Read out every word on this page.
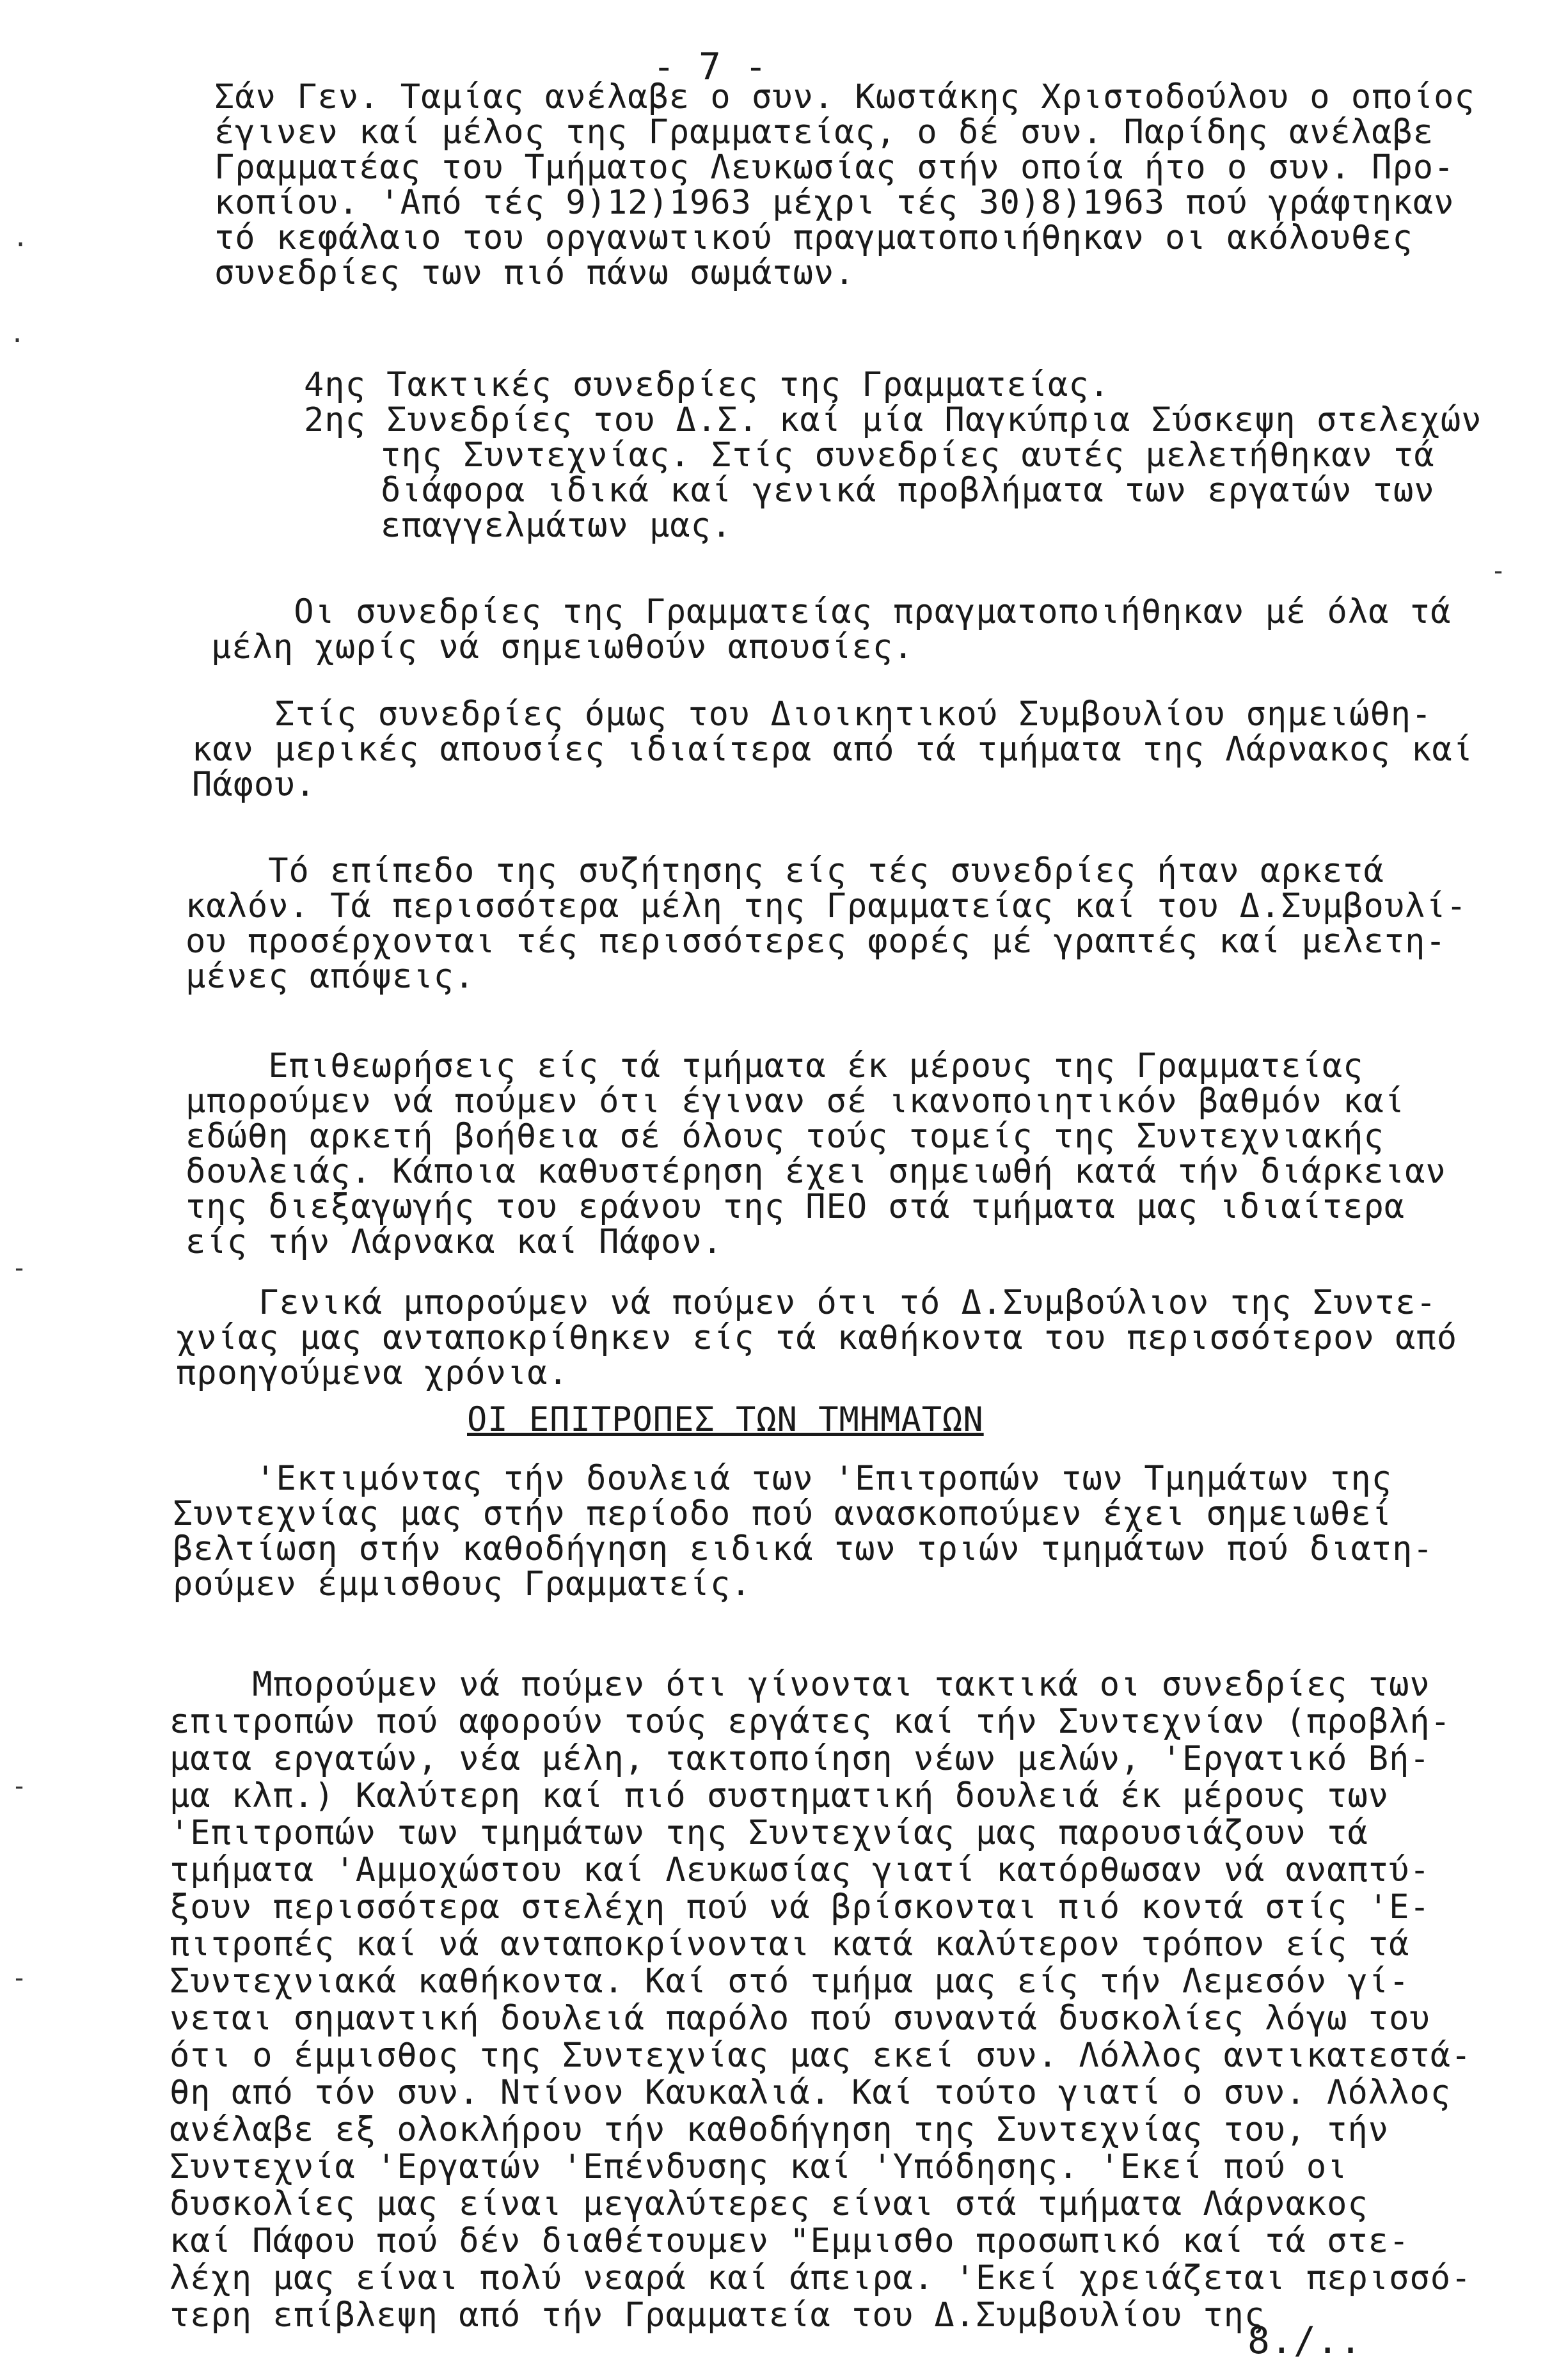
- 7 -
Σάν Γεν. Ταμίας ανέλαβε ο συν. Κωστάκης Χριστοδούλου ο οποίος
έγινεν καί μέλος της Γραμματείας, ο δέ συν. Παρίδης ανέλαβε
Γραμματέας του Τμήματος Λευκωσίας στήν οποία ήτο ο συν. Προ-
κοπίου. 'Από τές 9)12)1963 μέχρι τές 30)8)1963 πού γράφτηκαν
τό κεφάλαιο του οργανωτικού πραγματοποιήθηκαν οι ακόλουθες
συνεδρίες των πιό πάνω σωμάτων.
4ης Τακτικές συνεδρίες της Γραμματείας.
2ης Συνεδρίες του Δ.Σ. καί μία Παγκύπρια Σύσκεψη στελεχών
της Συντεχνίας. Στίς συνεδρίες αυτές μελετήθηκαν τά
διάφορα ιδικά καί γενικά προβλήματα των εργατών των
επαγγελμάτων μας.
Οι συνεδρίες της Γραμματείας πραγματοποιήθηκαν μέ όλα τά
μέλη χωρίς νά σημειωθούν απουσίες.
Στίς συνεδρίες όμως του Διοικητικού Συμβουλίου σημειώθη-
καν μερικές απουσίες ιδιαίτερα από τά τμήματα της Λάρνακος καί
Πάφου.
Τό επίπεδο της συζήτησης είς τές συνεδρίες ήταν αρκετά
καλόν. Τά περισσότερα μέλη της Γραμματείας καί του Δ.Συμβουλί-
ου προσέρχονται τές περισσότερες φορές μέ γραπτές καί μελετη-
μένες απόψεις.
Επιθεωρήσεις είς τά τμήματα έκ μέρους της Γραμματείας
μπορούμεν νά πούμεν ότι έγιναν σέ ικανοποιητικόν βαθμόν καί
εδώθη αρκετή βοήθεια σέ όλους τούς τομείς της Συντεχνιακής
δουλειάς. Κάποια καθυστέρηση έχει σημειωθή κατά τήν διάρκειαν
της διεξαγωγής του εράνου της ΠΕΟ στά τμήματα μας ιδιαίτερα
είς τήν Λάρνακα καί Πάφον.
Γενικά μπορούμεν νά πούμεν ότι τό Δ.Συμβούλιον της Συντε-
χνίας μας ανταποκρίθηκεν είς τά καθήκοντα του περισσότερον από
προηγούμενα χρόνια.
ΟΙ ΕΠΙΤΡΟΠΕΣ ΤΩΝ ΤΜΗΜΑΤΩΝ
'Εκτιμόντας τήν δουλειά των 'Επιτροπών των Τμημάτων της
Συντεχνίας μας στήν περίοδο πού ανασκοπούμεν έχει σημειωθεί
βελτίωση στήν καθοδήγηση ειδικά των τριών τμημάτων πού διατη-
ρούμεν έμμισθους Γραμματείς.
Μπορούμεν νά πούμεν ότι γίνονται τακτικά οι συνεδρίες των
επιτροπών πού αφορούν τούς εργάτες καί τήν Συντεχνίαν (προβλή-
ματα εργατών, νέα μέλη, τακτοποίηση νέων μελών, 'Εργατικό Βή-
μα κλπ.) Καλύτερη καί πιό συστηματική δουλειά έκ μέρους των
'Επιτροπών των τμημάτων της Συντεχνίας μας παρουσιάζουν τά
τμήματα 'Αμμοχώστου καί Λευκωσίας γιατί κατόρθωσαν νά αναπτύ-
ξουν περισσότερα στελέχη πού νά βρίσκονται πιό κοντά στίς 'Ε-
πιτροπές καί νά ανταποκρίνονται κατά καλύτερον τρόπον είς τά
Συντεχνιακά καθήκοντα. Καί στό τμήμα μας είς τήν Λεμεσόν γί-
νεται σημαντική δουλειά παρόλο πού συναντά δυσκολίες λόγω του
ότι ο έμμισθος της Συντεχνίας μας εκεί συν. Λόλλος αντικατεστά-
θη από τόν συν. Ντίνον Καυκαλιά. Καί τούτο γιατί ο συν. Λόλλος
ανέλαβε εξ ολοκλήρου τήν καθοδήγηση της Συντεχνίας του, τήν
Συντεχνία 'Εργατών 'Επένδυσης καί 'Υπόδησης. 'Εκεί πού οι
δυσκολίες μας είναι μεγαλύτερες είναι στά τμήματα Λάρνακος
καί Πάφου πού δέν διαθέτουμεν "Εμμισθο προσωπικό καί τά στε-
λέχη μας είναι πολύ νεαρά καί άπειρα. 'Εκεί χρειάζεται περισσό-
τερη επίβλεψη από τήν Γραμματεία του Δ.Συμβουλίου της
8./..
·
·
-
-
-
-
